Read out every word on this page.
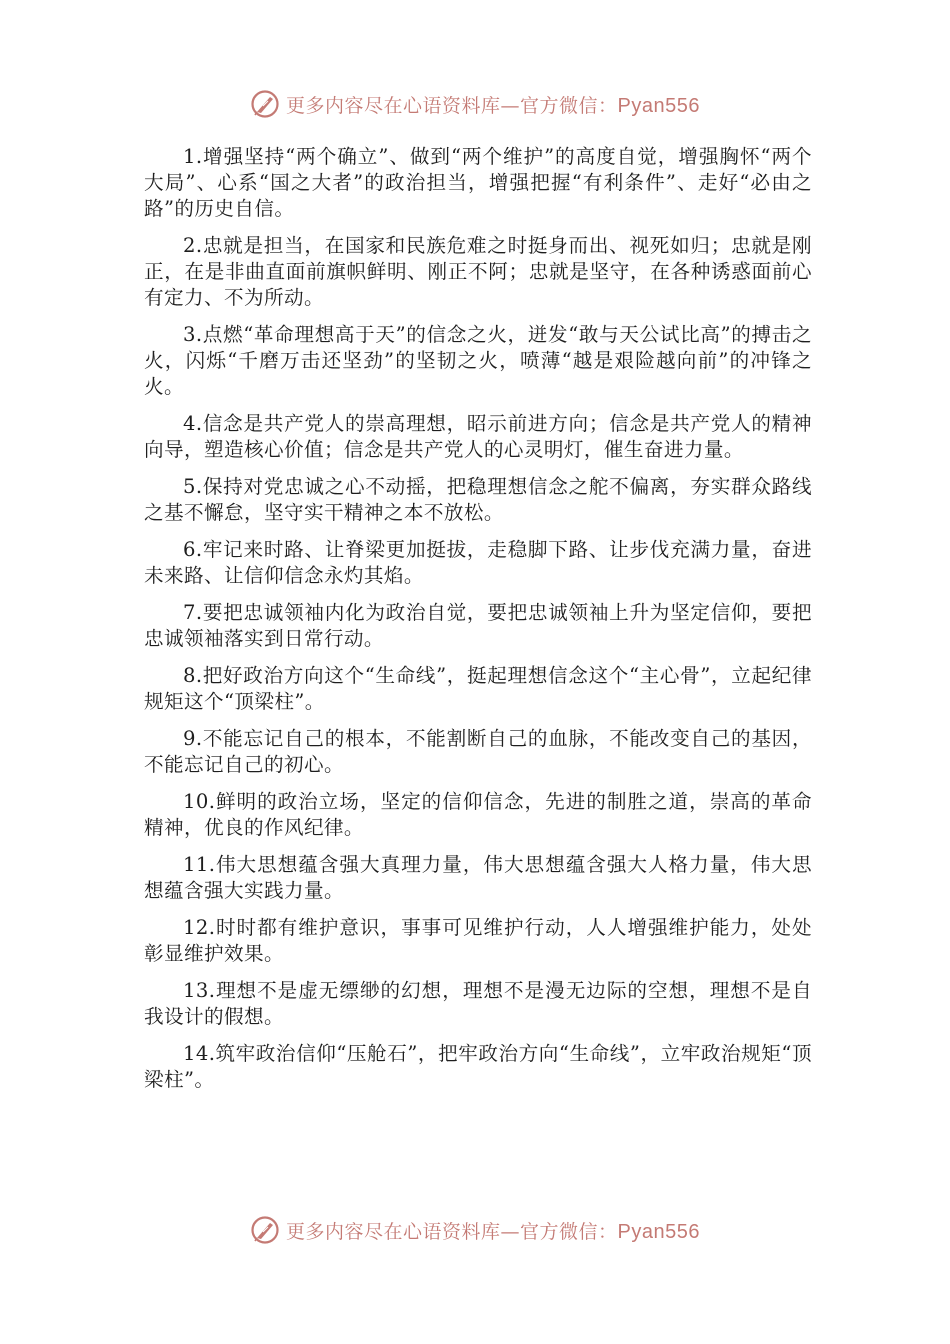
更多内容尽在心语资料库—官方微信：Pyan556

1.增强坚持“两个确立”、做到“两个维护”的高度自觉，增强胸怀“两个大局”、心系“国之大者”的政治担当，增强把握“有利条件”、走好“必由之路”的历史自信。

2.忠就是担当，在国家和民族危难之时挺身而出、视死如归；忠就是刚正，在是非曲直面前旗帜鲜明、刚正不阿；忠就是坚守，在各种诱惑面前心有定力、不为所动。

3.点燃“革命理想高于天”的信念之火，迸发“敢与天公试比高”的搏击之火，闪烁“千磨万击还坚劲”的坚韧之火，喷薄“越是艰险越向前”的冲锋之火。

4.信念是共产党人的崇高理想，昭示前进方向；信念是共产党人的精神向导，塑造核心价值；信念是共产党人的心灵明灯，催生奋进力量。

5.保持对党忠诚之心不动摇，把稳理想信念之舵不偏离，夯实群众路线之基不懈怠，坚守实干精神之本不放松。

6.牢记来时路、让脊梁更加挺拔，走稳脚下路、让步伐充满力量，奋进未来路、让信仰信念永灼其焰。

7.要把忠诚领袖内化为政治自觉，要把忠诚领袖上升为坚定信仰，要把忠诚领袖落实到日常行动。

8.把好政治方向这个“生命线”，挺起理想信念这个“主心骨”，立起纪律规矩这个“顶梁柱”。

9.不能忘记自己的根本，不能割断自己的血脉，不能改变自己的基因，不能忘记自己的初心。

10.鲜明的政治立场，坚定的信仰信念，先进的制胜之道，崇高的革命精神，优良的作风纪律。

11.伟大思想蕴含强大真理力量，伟大思想蕴含强大人格力量，伟大思想蕴含强大实践力量。

12.时时都有维护意识，事事可见维护行动，人人增强维护能力，处处彰显维护效果。

13.理想不是虚无缥缈的幻想，理想不是漫无边际的空想，理想不是自我设计的假想。

14.筑牢政治信仰“压舱石”，把牢政治方向“生命线”，立牢政治规矩“顶梁柱”。

更多内容尽在心语资料库—官方微信：Pyan556
